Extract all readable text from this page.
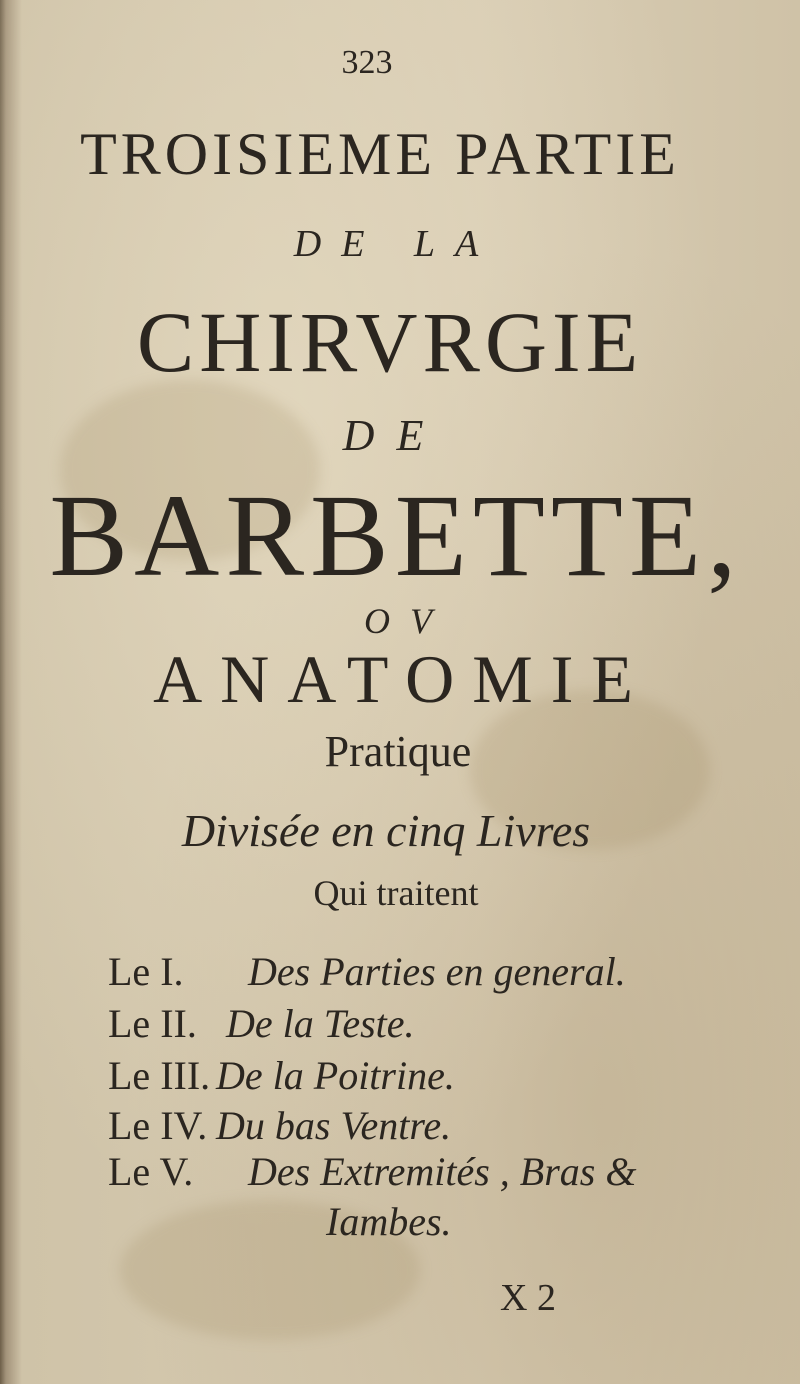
323
TROISIEME PARTIE
DE LA
CHIRVRGIE
DE
BARBETTE,
OV
ANATOMIE
Pratique
Divisée en cinq Livres
Qui traitent
Le I. Des Parties en general.
Le II. De la Teste.
Le III. De la Poitrine.
Le IV. Du bas Ventre.
Le V. Des Extremités , Bras &
Iambes.
X 2
